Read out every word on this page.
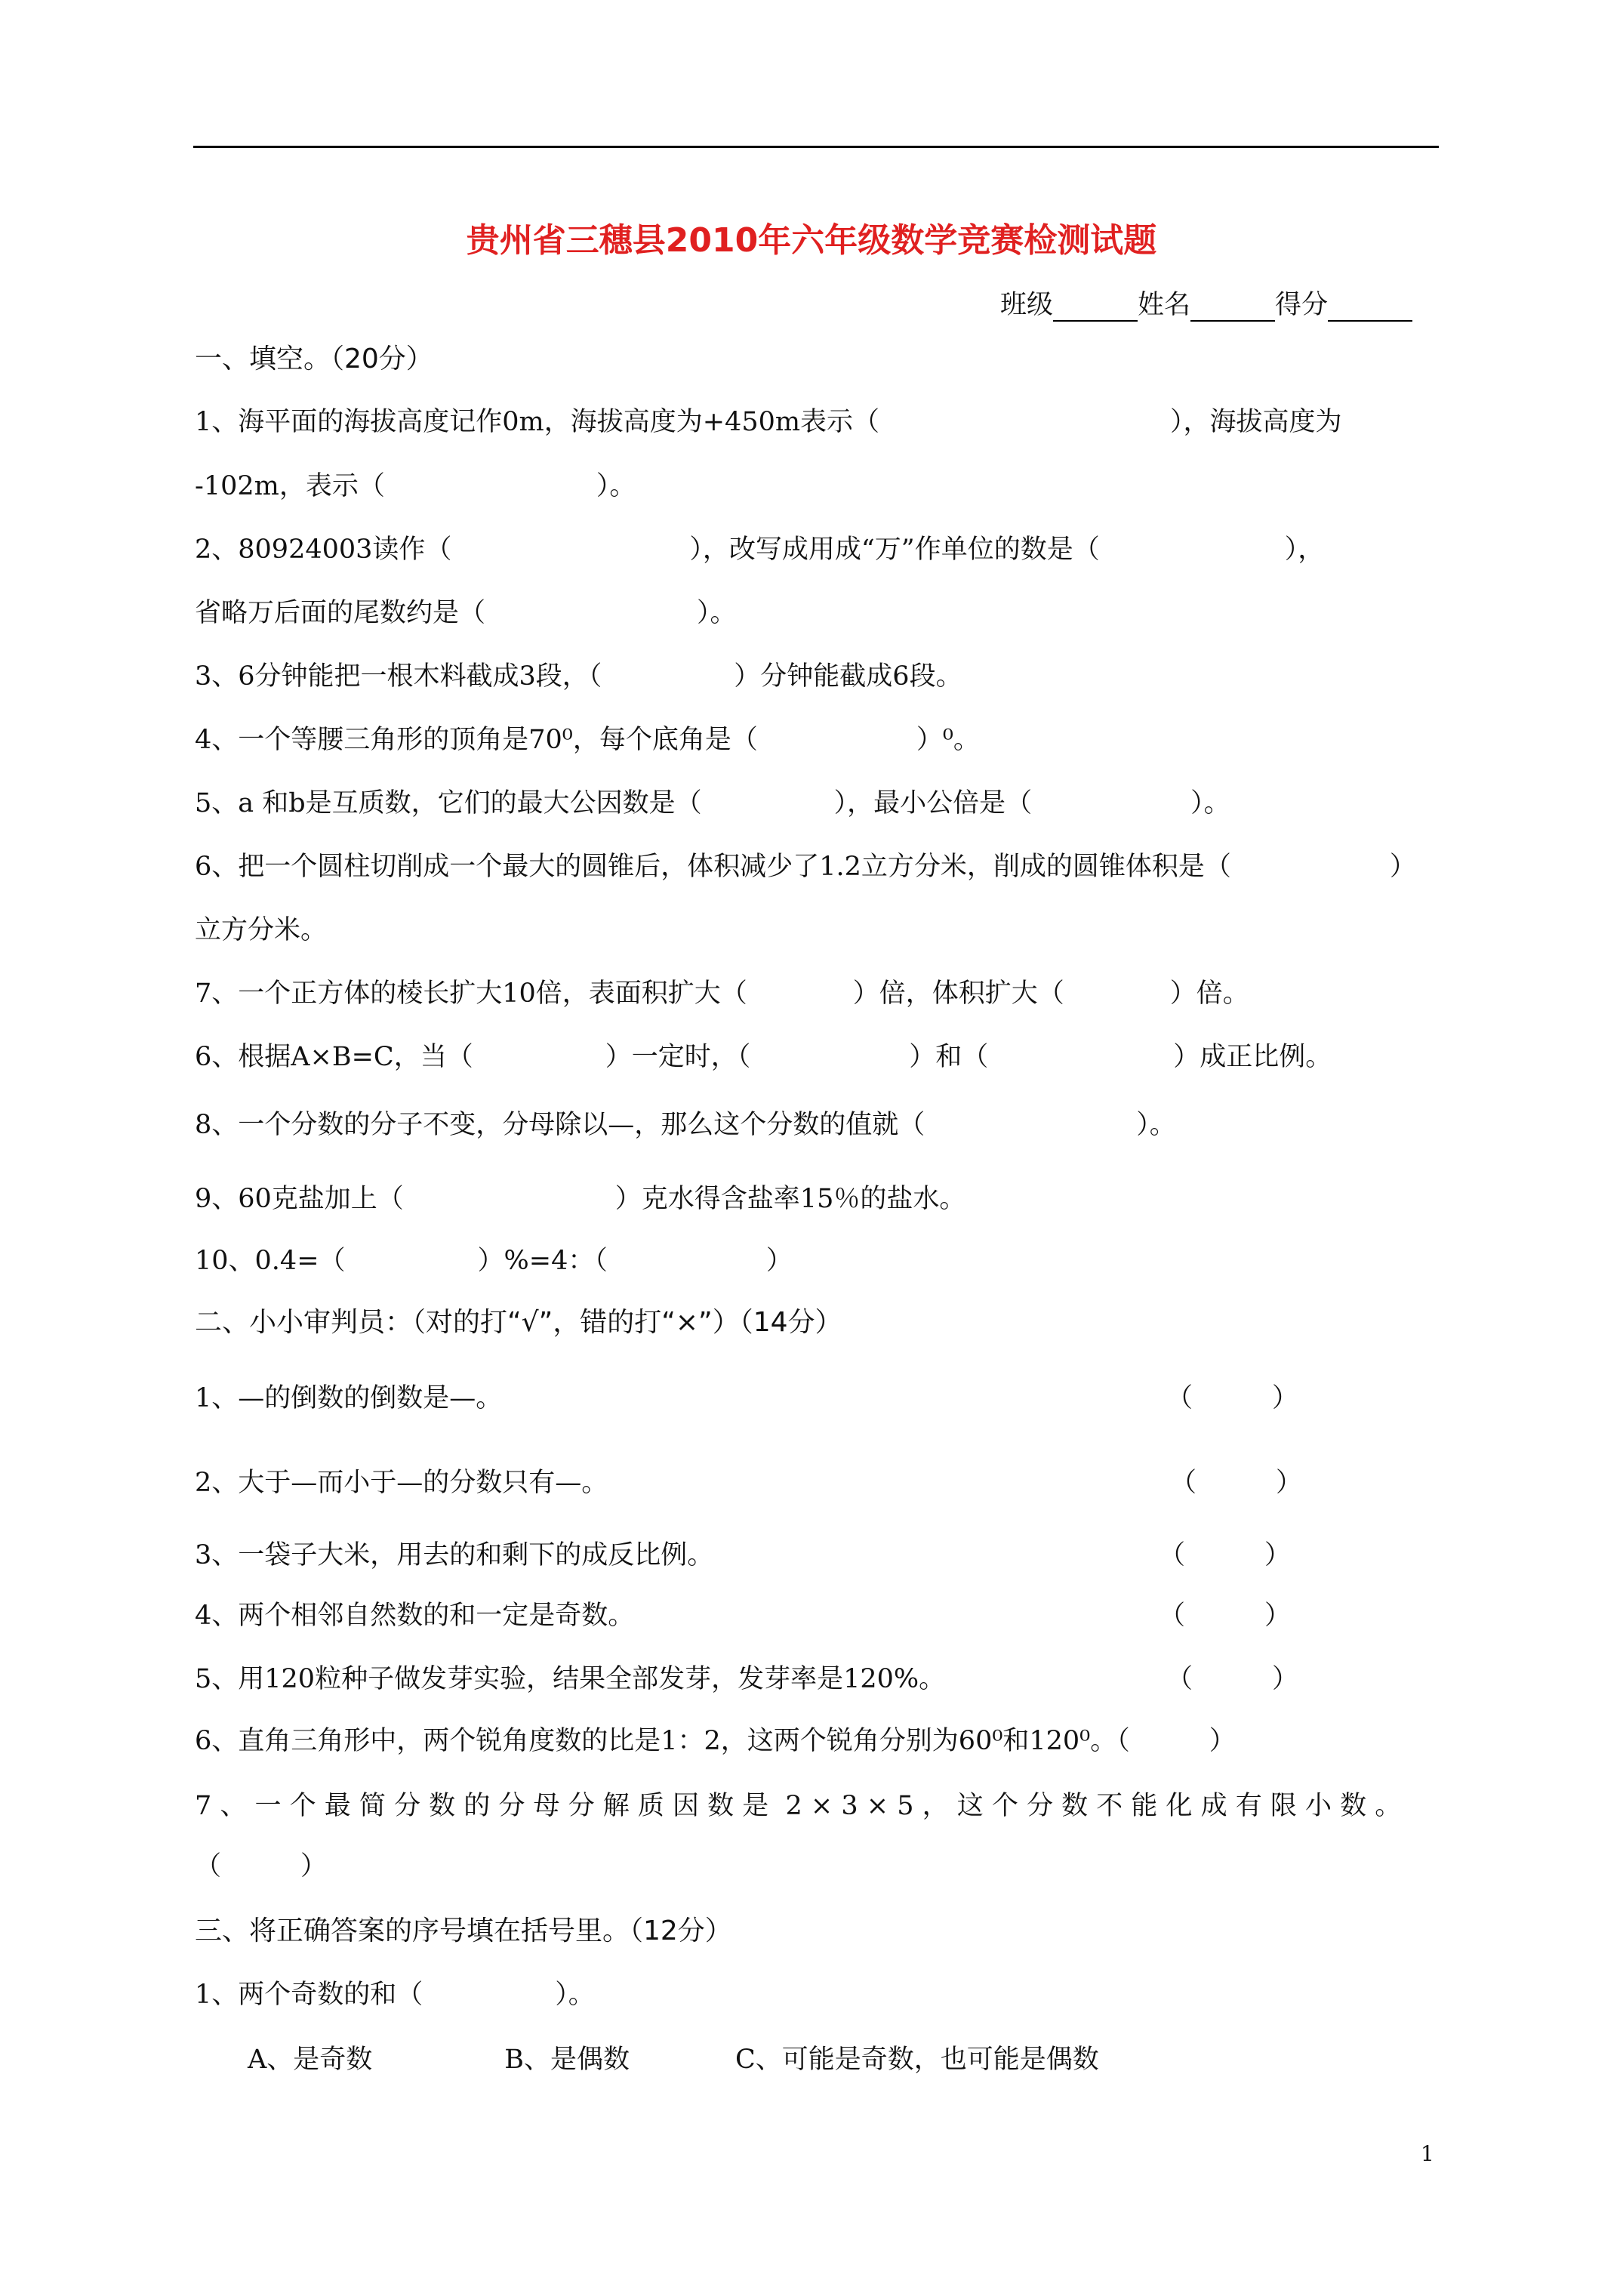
贵州省三穗县2010年六年级数学竞赛检测试题
班级	姓名	得分
一、填空。（20分）
1、海平面的海拔高度记作0m，海拔高度为+450m表示（　　　　　　　　　　　），海拔高度为
-102m，表示（　　　　　　　　）。
2、80924003读作（　　　　　　　　　），改写成用成“万”作单位的数是（　　　　　　　），
省略万后面的尾数约是（　　　　　　　　）。
3、6分钟能把一根木料截成3段，（　　　　　）分钟能截成6段。
4、一个等腰三角形的顶角是70⁰，每个底角是（　　　　　　）⁰。
5、a 和b是互质数，它们的最大公因数是（　　　　　），最小公倍是（　　　　　　）。
6、把一个圆柱切削成一个最大的圆锥后，体积减少了1.2立方分米，削成的圆锥体积是（　　　　　　）
立方分米。
7、一个正方体的棱长扩大10倍，表面积扩大（　　　　）倍，体积扩大（　　　　）倍。
6、根据A×B=C，当（　　　　　）一定时，（　　　　　　）和（　　　　　　　）成正比例。
8、一个分数的分子不变，分母除以—，那么这个分数的值就（　　　　　　　　）。
9、60克盐加上（　　　　　　　　）克水得含盐率15％的盐水。
10、0.4=（　　　　　）%=4：（　　　　　　）
二、小小审判员：（对的打“√”，错的打“×”）（14分）
1、—的倒数的倒数是—。	（　　　）
2、大于—而小于—的分数只有—。	（　　　）
3、一袋子大米，用去的和剩下的成反比例。	（　　　）
4、两个相邻自然数的和一定是奇数。	（　　　）
5、用120粒种子做发芽实验，结果全部发芽，发芽率是120%。	（　　　）
6、直角三角形中，两个锐角度数的比是1：2，这两个锐角分别为60⁰和120⁰。（　　　）
7 、 一 个 最 简 分 数 的 分 母 分 解 质 因 数 是  2 × 3 × 5 ， 这 个 分 数 不 能 化 成 有 限 小 数 。
（　　　）
三、将正确答案的序号填在括号里。（12分）
1、两个奇数的和（　　　　　）。
　　A、是奇数　　　　　B、是偶数　　　　C、可能是奇数，也可能是偶数
1
